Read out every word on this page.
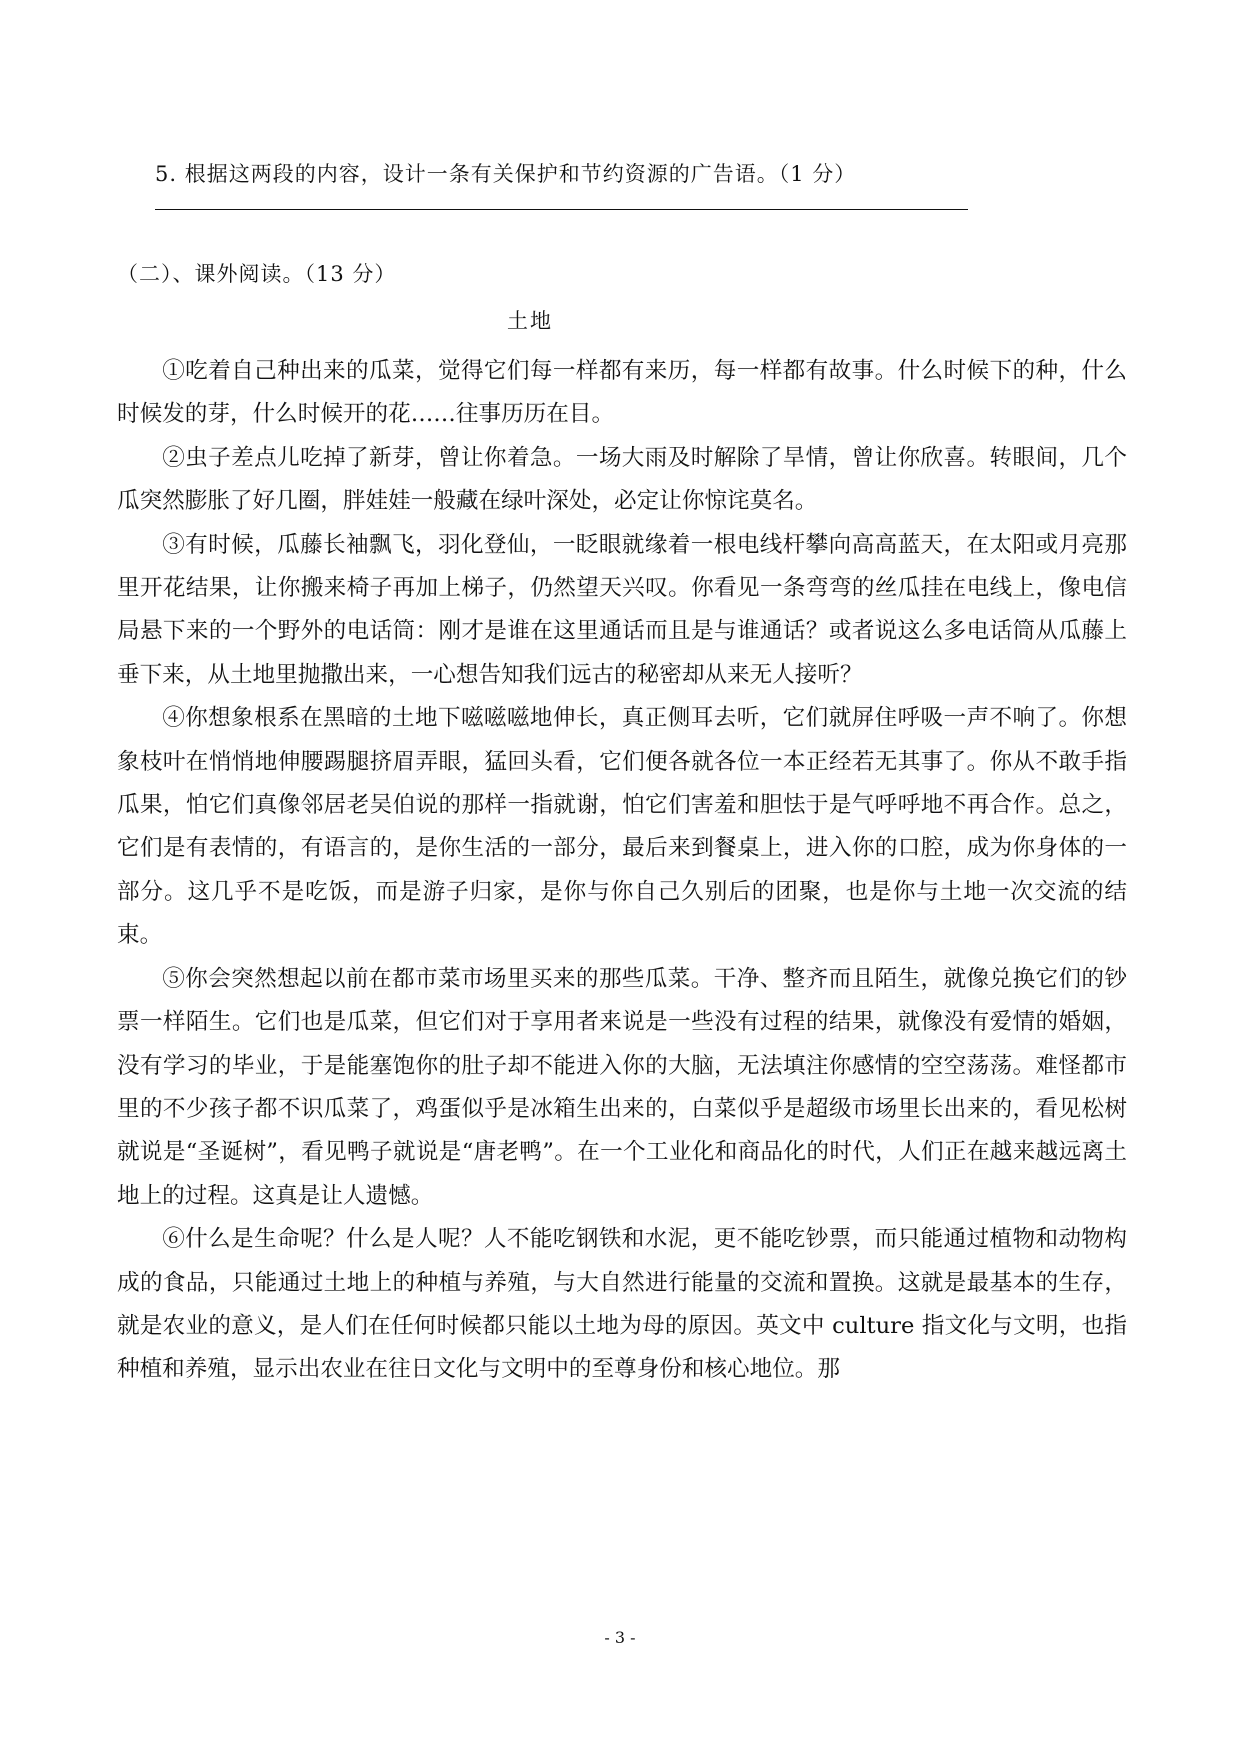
5. 根据这两段的内容，设计一条有关保护和节约资源的广告语。（1 分）
（二）、课外阅读。（13 分）
土地

①吃着自己种出来的瓜菜，觉得它们每一样都有来历，每一样都有故事。什么时候下的种，什么时候发的芽，什么时候开的花……往事历历在目。

②虫子差点儿吃掉了新芽，曾让你着急。一场大雨及时解除了旱情，曾让你欣喜。转眼间，几个瓜突然膨胀了好几圈，胖娃娃一般藏在绿叶深处，必定让你惊诧莫名。

③有时候，瓜藤长袖飘飞，羽化登仙，一眨眼就缘着一根电线杆攀向高高蓝天，在太阳或月亮那里开花结果，让你搬来椅子再加上梯子，仍然望天兴叹。你看见一条弯弯的丝瓜挂在电线上，像电信局悬下来的一个野外的电话筒：刚才是谁在这里通话而且是与谁通话？或者说这么多电话筒从瓜藤上垂下来，从土地里抛撒出来，一心想告知我们远古的秘密却从来无人接听？

④你想象根系在黑暗的土地下嗞嗞嗞地伸长，真正侧耳去听，它们就屏住呼吸一声不响了。你想象枝叶在悄悄地伸腰踢腿挤眉弄眼，猛回头看，它们便各就各位一本正经若无其事了。你从不敢手指瓜果，怕它们真像邻居老吴伯说的那样一指就谢，怕它们害羞和胆怯于是气呼呼地不再合作。总之，它们是有表情的，有语言的，是你生活的一部分，最后来到餐桌上，进入你的口腔，成为你身体的一部分。这几乎不是吃饭，而是游子归家，是你与你自己久别后的团聚，也是你与土地一次交流的结束。

⑤你会突然想起以前在都市菜市场里买来的那些瓜菜。干净、整齐而且陌生，就像兑换它们的钞票一样陌生。它们也是瓜菜，但它们对于享用者来说是一些没有过程的结果，就像没有爱情的婚姻，没有学习的毕业，于是能塞饱你的肚子却不能进入你的大脑，无法填注你感情的空空荡荡。难怪都市里的不少孩子都不识瓜菜了，鸡蛋似乎是冰箱生出来的，白菜似乎是超级市场里长出来的，看见松树就说是“圣诞树”，看见鸭子就说是“唐老鸭”。在一个工业化和商品化的时代，人们正在越来越远离土地上的过程。这真是让人遗憾。

⑥什么是生命呢？什么是人呢？人不能吃钢铁和水泥，更不能吃钞票，而只能通过植物和动物构成的食品，只能通过土地上的种植与养殖，与大自然进行能量的交流和置换。这就是最基本的生存，就是农业的意义，是人们在任何时候都只能以土地为母的原因。英文中 culture 指文化与文明，也指种植和养殖，显示出农业在往日文化与文明中的至尊身份和核心地位。那

- 3 -
